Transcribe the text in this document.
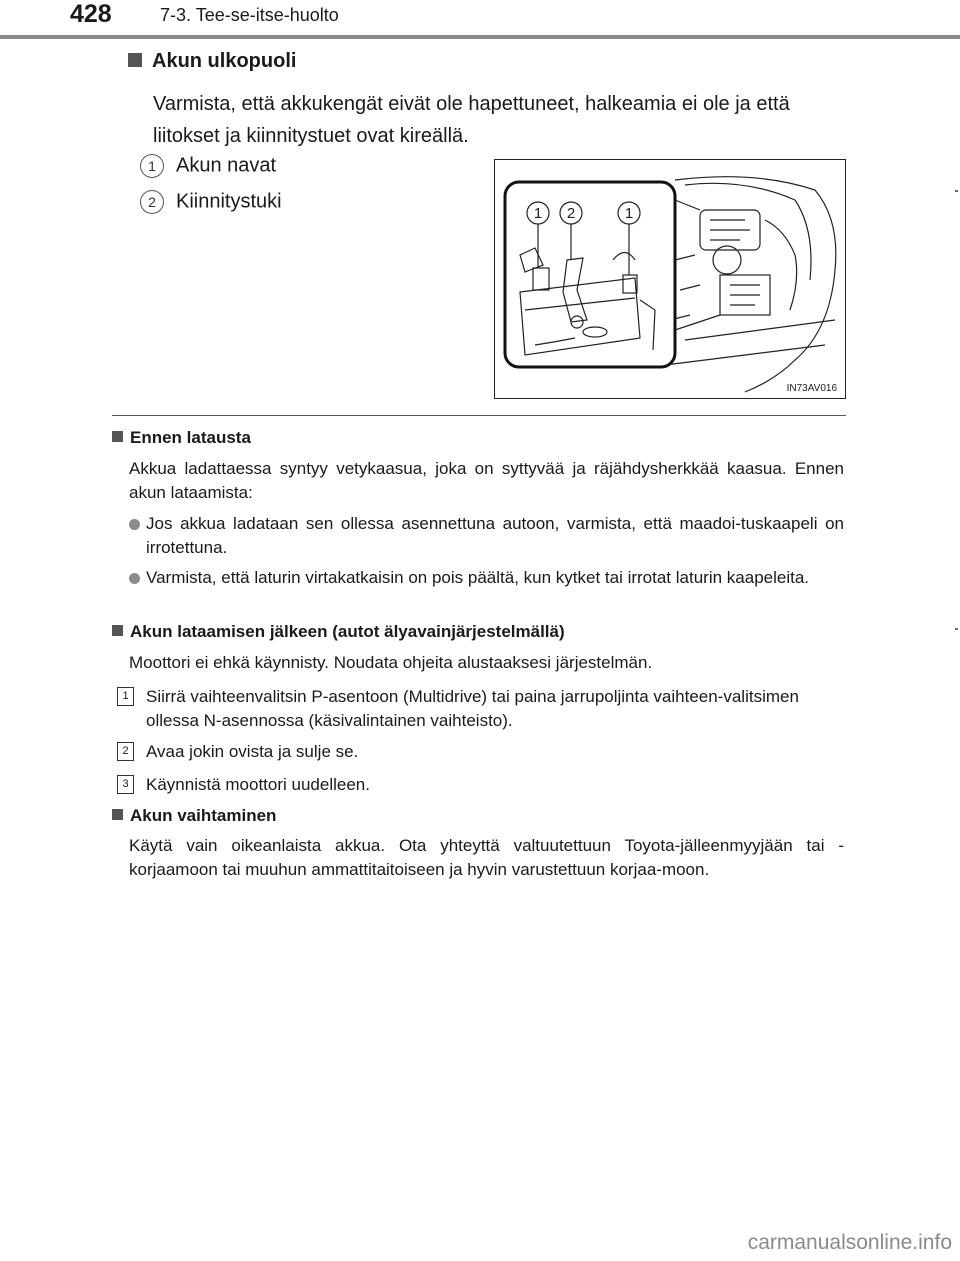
428	7-3. Tee-se-itse-huolto
Akun ulkopuoli
Varmista, että akkukengät eivät ole hapettuneet, halkeamia ei ole ja että liitokset ja kiinnitystuet ovat kireällä.
1 Akun navat
2 Kiinnitystuki
1 2	1
IN73AV016
Ennen latausta
Akkua ladattaessa syntyy vetykaasua, joka on syttyvää ja räjähdysherkkää kaasua. Ennen akun lataamista:
Jos akkua ladataan sen ollessa asennettuna autoon, varmista, että maadoi-tuskaapeli on irrotettuna.
Varmista, että laturin virtakatkaisin on pois päältä, kun kytket tai irrotat laturin kaapeleita.
Akun lataamisen jälkeen (autot älyavainjärjestelmällä)
Moottori ei ehkä käynnisty. Noudata ohjeita alustaaksesi järjestelmän.
1	Siirrä vaihteenvalitsin P-asentoon (Multidrive) tai paina jarrupoljinta vaihteen-valitsimen ollessa N-asennossa (käsivalintainen vaihteisto).
2	Avaa jokin ovista ja sulje se.
3	Käynnistä moottori uudelleen.
Akun vaihtaminen
Käytä vain oikeanlaista akkua. Ota yhteyttä valtuutettuun Toyota-jälleenmyyjään tai -korjaamoon tai muuhun ammattitaitoiseen ja hyvin varustettuun korjaa-moon.
carmanualsonline.info
